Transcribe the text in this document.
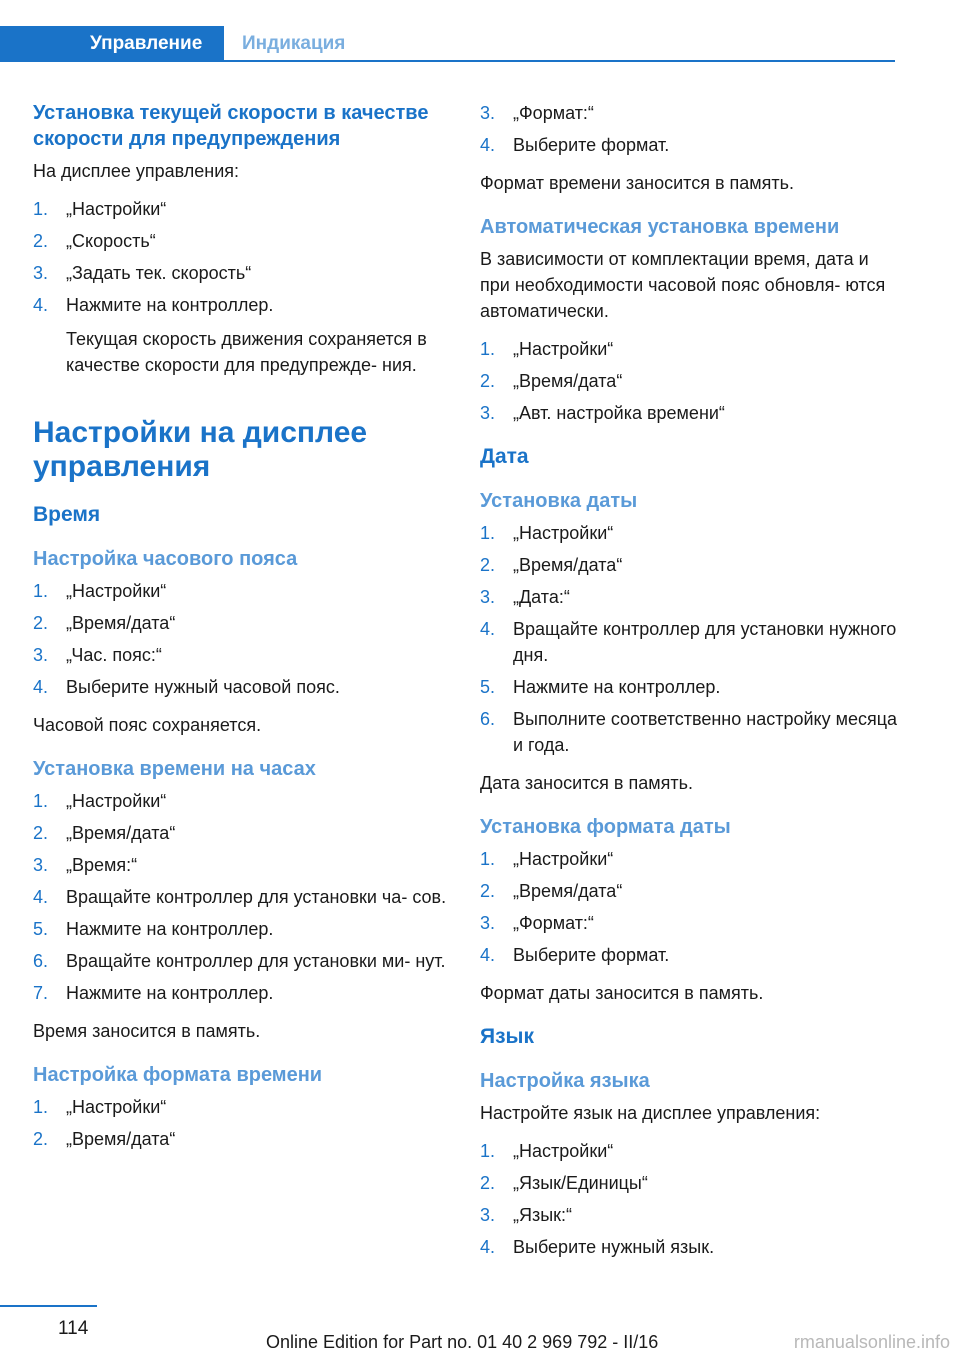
Управление	Индикация
Установка текущей скорости в качестве скорости для предупреждения

На дисплее управления:

1. „Настройки“
2. „Скорость“
3. „Задать тек. скорость“
4. Нажмите на контроллер.
Текущая скорость движения сохраняется в качестве скорости для предупрежде- ния.
Настройки на дисплее управления
Время
Настройка часового пояса
1. „Настройки“
2. „Время/дата“
3. „Час. пояс:“
4. Выберите нужный часовой пояс.

Часовой пояс сохраняется.

Установка времени на часах
1. „Настройки“
2. „Время/дата“
3. „Время:“
4. Вращайте контроллер для установки ча- сов.
5. Нажмите на контроллер.
6. Вращайте контроллер для установки ми- нут.
7. Нажмите на контроллер.

Время заносится в память.

Настройка формата времени
1. „Настройки“
2. „Время/дата“
3. „Формат:“
4. Выберите формат.

Формат времени заносится в память.

Автоматическая установка времени

В зависимости от комплектации время, дата и при необходимости часовой пояс обновля- ются автоматически.

1. „Настройки“
2. „Время/дата“
3. „Авт. настройка времени“
Дата
Установка даты
1. „Настройки“
2. „Время/дата“
3. „Дата:“
4. Вращайте контроллер для установки нужного дня.
5. Нажмите на контроллер.
6. Выполните соответственно настройку месяца и года.

Дата заносится в память.

Установка формата даты
1. „Настройки“
2. „Время/дата“
3. „Формат:“
4. Выберите формат.

Формат даты заносится в память.

Язык
Настройка языка

Настройте язык на дисплее управления:

1. „Настройки“
2. „Язык/Единицы“
3. „Язык:“
4. Выберите нужный язык.
114
Online Edition for Part no. 01 40 2 969 792 - II/16	rmanualsonline.info
